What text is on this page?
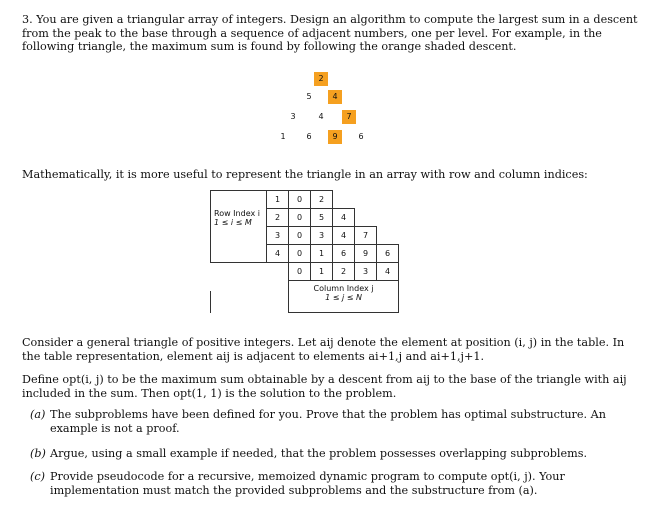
3. You are given a triangular array of integers. Design an algorithm to compute the largest sum in a descent from the peak to the base through a sequence of adjacent numbers, one per level. For example, in the following triangle, the maximum sum is found by following the orange shaded descent.
2
5	4
3	4	7
1	6	9	6
Mathematically, it is more useful to represent the triangle in an array with row and column indices:
	1	0	2			

Row Index i
1 ≤ i ≤ M	2	0	5	4		
	3	0	3	4	7	
	4	0	1	6	9	6
		0	1	2	3	4

		Column Index j
1 ≤ j ≤ N				
Consider a general triangle of positive integers. Let aij denote the element at position (i, j) in the table. In the table representation, element aij is adjacent to elements ai+1,j and ai+1,j+1.
Define opt(i, j) to be the maximum sum obtainable by a descent from aij to the base of the triangle with aij included in the sum. Then opt(1, 1) is the solution to the problem.
(a) The subproblems have been defined for you. Prove that the problem has optimal substructure. An example is not a proof.
(b) Argue, using a small example if needed, that the problem possesses overlapping subproblems.
(c) Provide pseudocode for a recursive, memoized dynamic program to compute opt(i, j). Your implementation must match the provided subproblems and the substructure from (a).
